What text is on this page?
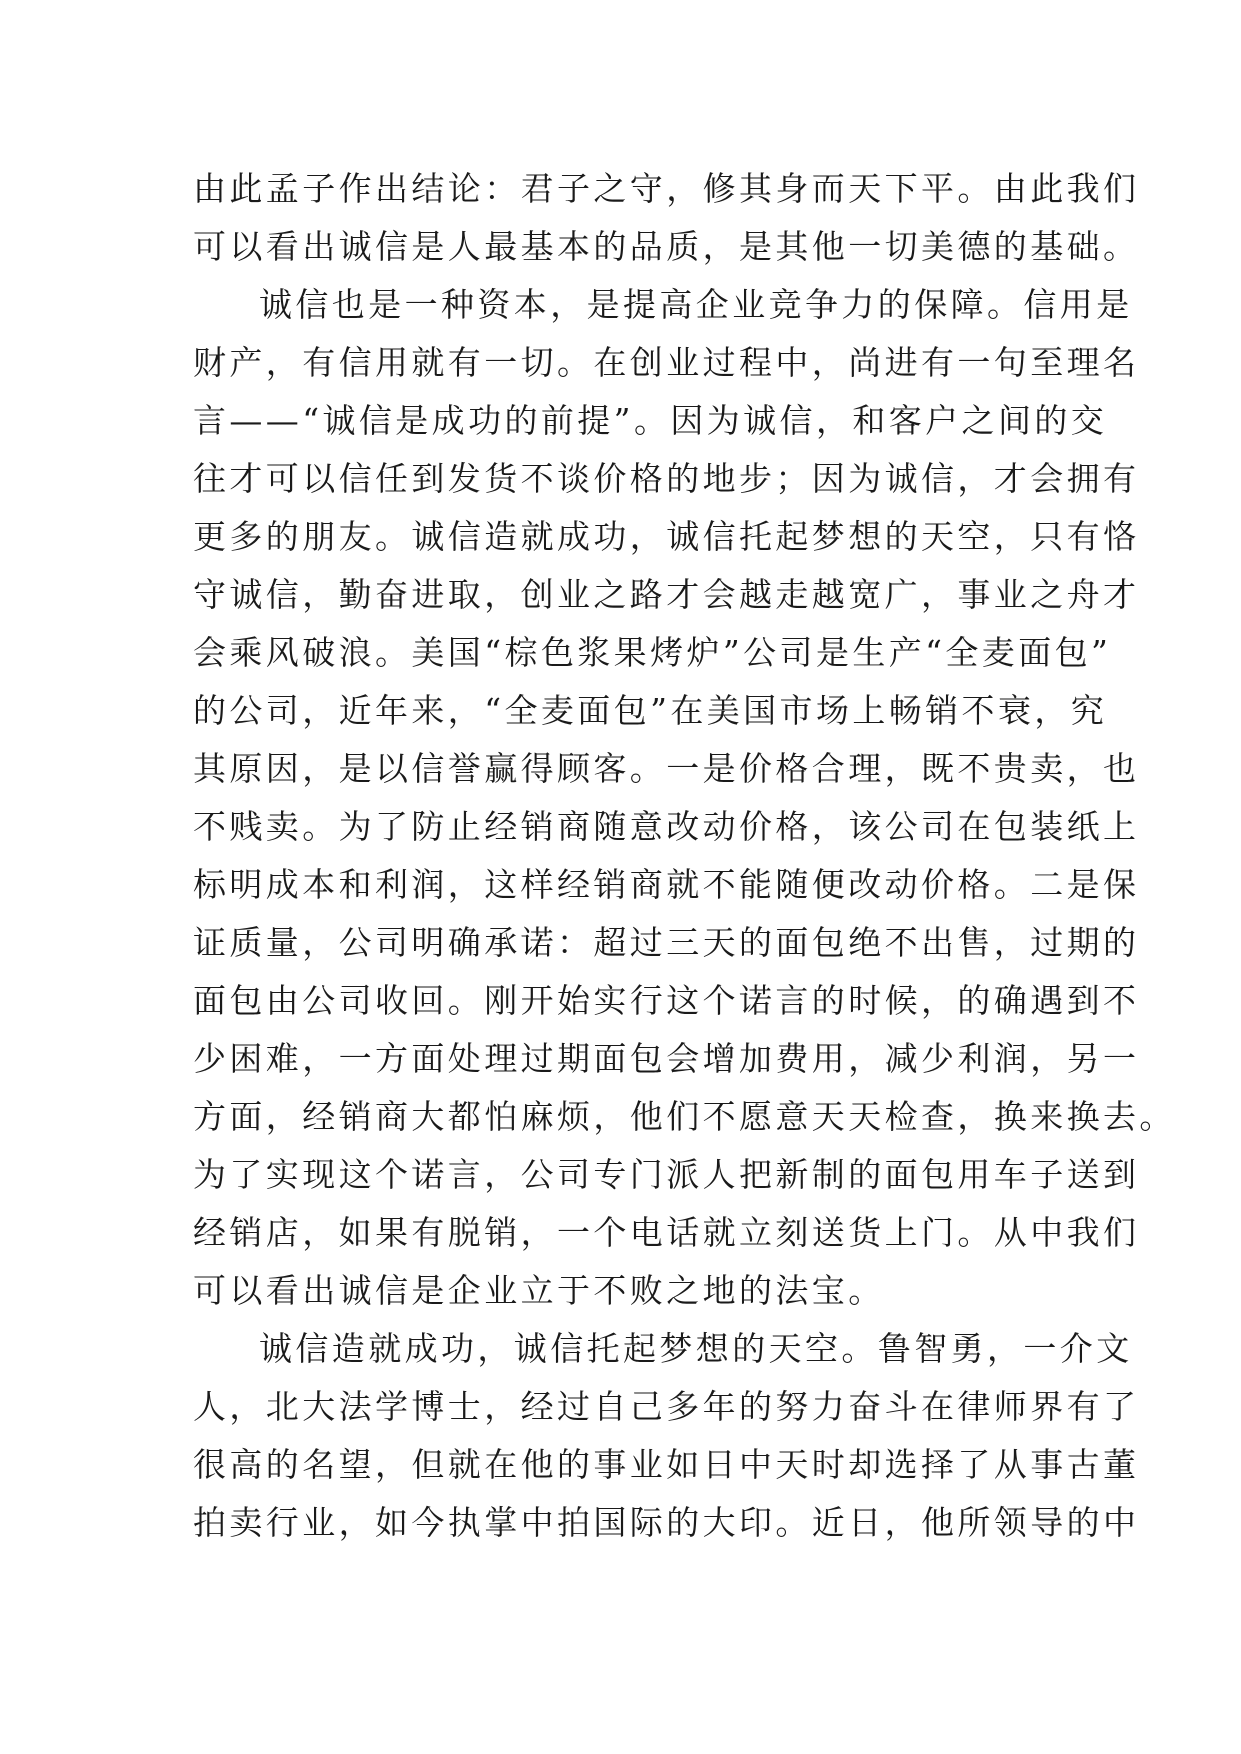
由此孟子作出结论：君子之守，修其身而天下平。由此我们
可以看出诚信是人最基本的品质，是其他一切美德的基础。
诚信也是一种资本，是提高企业竞争力的保障。信用是
财产，有信用就有一切。在创业过程中，尚进有一句至理名
言——“诚信是成功的前提”。因为诚信，和客户之间的交
往才可以信任到发货不谈价格的地步；因为诚信，才会拥有
更多的朋友。诚信造就成功，诚信托起梦想的天空，只有恪
守诚信，勤奋进取，创业之路才会越走越宽广，事业之舟才
会乘风破浪。美国“棕色浆果烤炉”公司是生产“全麦面包”
的公司，近年来，“全麦面包”在美国市场上畅销不衰，究
其原因，是以信誉赢得顾客。一是价格合理，既不贵卖，也
不贱卖。为了防止经销商随意改动价格，该公司在包装纸上
标明成本和利润，这样经销商就不能随便改动价格。二是保
证质量，公司明确承诺：超过三天的面包绝不出售，过期的
面包由公司收回。刚开始实行这个诺言的时候，的确遇到不
少困难，一方面处理过期面包会增加费用，减少利润，另一
方面，经销商大都怕麻烦，他们不愿意天天检查，换来换去。
为了实现这个诺言，公司专门派人把新制的面包用车子送到
经销店，如果有脱销，一个电话就立刻送货上门。从中我们
可以看出诚信是企业立于不败之地的法宝。
诚信造就成功，诚信托起梦想的天空。鲁智勇，一介文
人，北大法学博士，经过自己多年的努力奋斗在律师界有了
很高的名望，但就在他的事业如日中天时却选择了从事古董
拍卖行业，如今执掌中拍国际的大印。近日，他所领导的中
